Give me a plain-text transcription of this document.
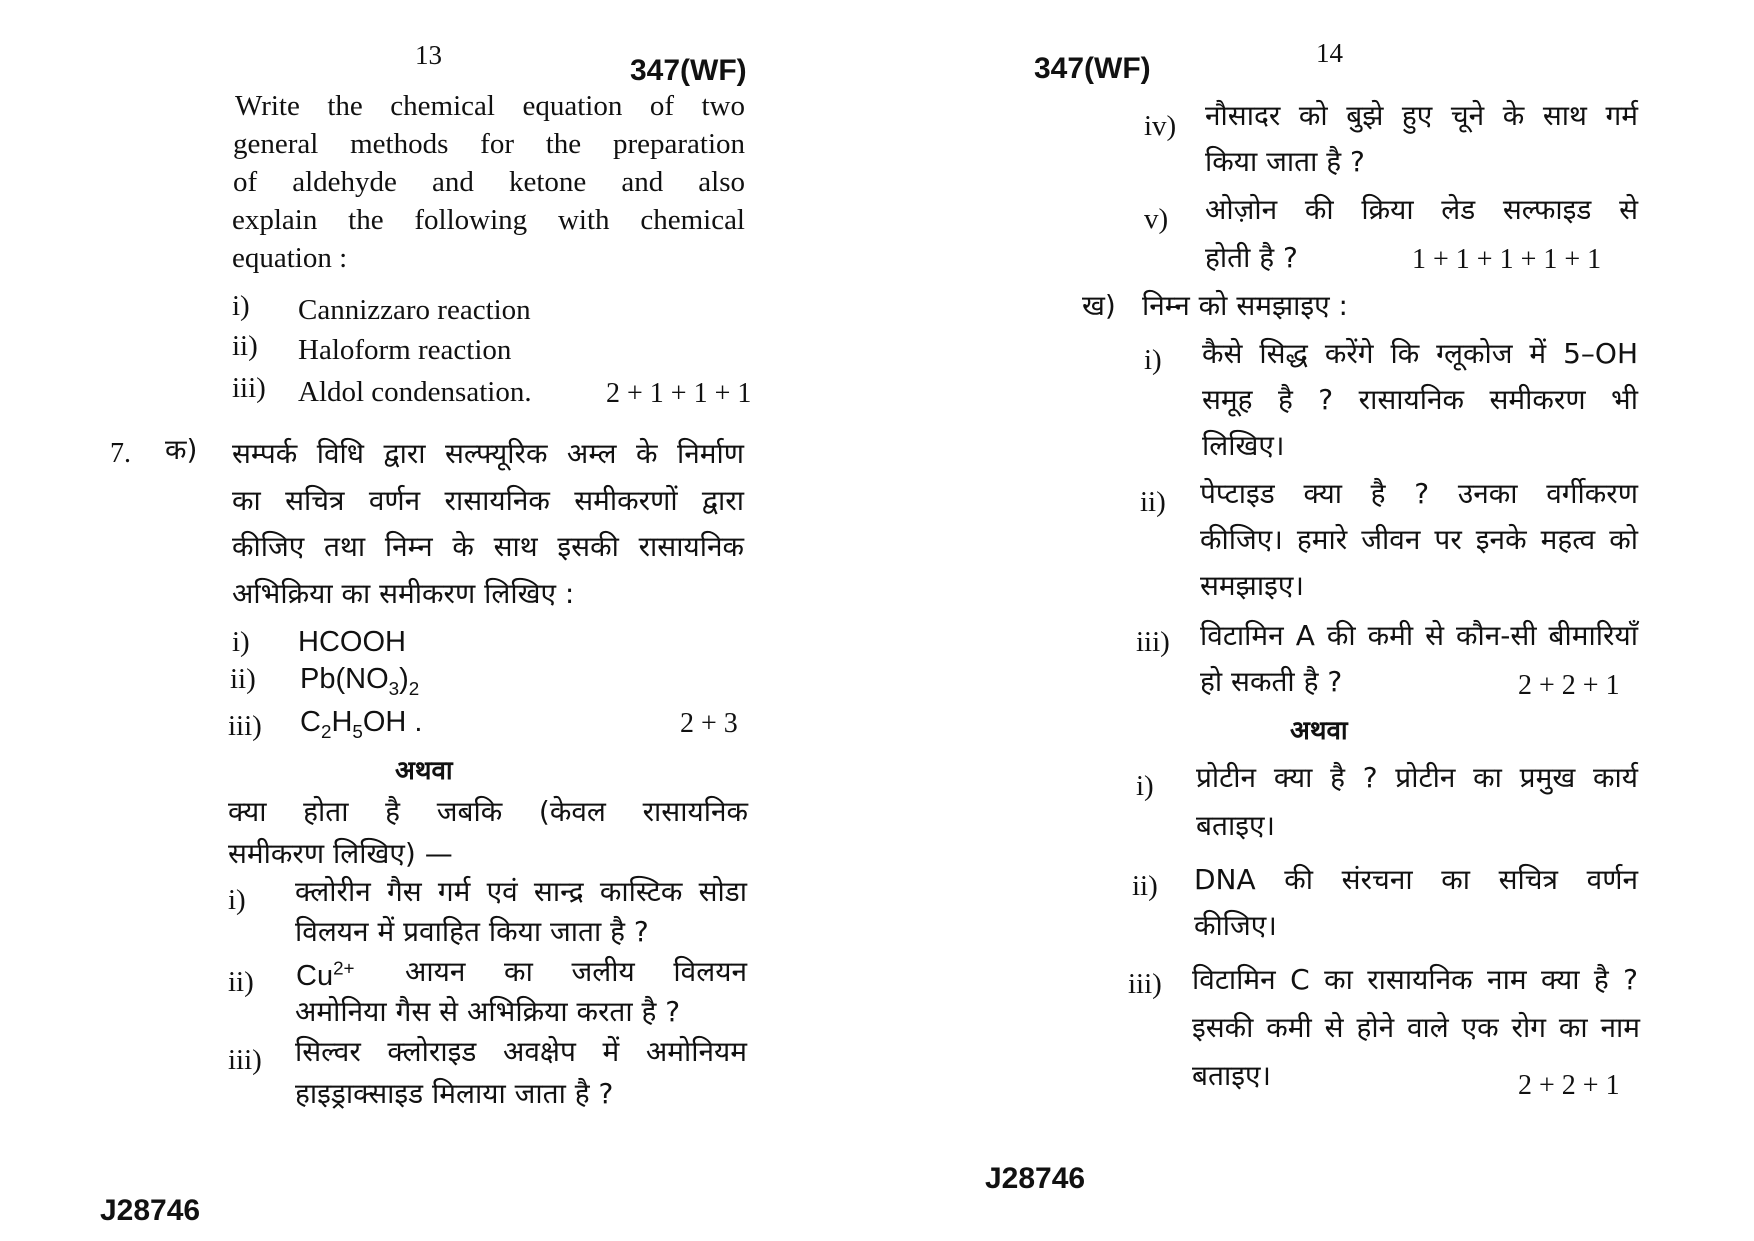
13	347(WF)
Write the chemical equation of two
general methods for the preparation
of aldehyde and ketone and also
explain the following with chemical
equation :
i) Cannizzaro reaction
ii) Haloform reaction
iii) Aldol condensation.	2 + 1 + 1 + 1
7. क) सम्पर्क विधि द्वारा सल्फ्यूरिक अम्ल के निर्माण
का सचित्र वर्णन रासायनिक समीकरणों द्वारा
कीजिए तथा निम्न के साथ इसकी रासायनिक
अभिक्रिया का समीकरण लिखिए :
i) HCOOH
ii) $Pb(NO_3)_2$
iii) $C_2H_5OH$ .	2 + 3
अथवा
क्या होता है जबकि (केवल रासायनिक
समीकरण लिखिए) —
i) क्लोरीन गैस गर्म एवं सान्द्र कास्टिक सोडा
विलयन में प्रवाहित किया जाता है ?
ii) $Cu^{2+}$ आयन का जलीय विलयन
अमोनिया गैस से अभिक्रिया करता है ?
iii) सिल्वर क्लोराइड अवक्षेप में अमोनियम
हाइड्राक्साइड मिलाया जाता है ?
J28746
14
347(WF)
iv) नौसादर को बुझे हुए चूने के साथ गर्म
किया जाता है ?
v) ओज़ोन की क्रिया लेड सल्फाइड से
होती है ?	1 + 1 + 1 + 1 + 1
ख) निम्न को समझाइए :
i) कैसे सिद्ध करेंगे कि ग्लूकोज में 5–OH
समूह है ? रासायनिक समीकरण भी
लिखिए।
ii) पेप्टाइड क्या है ? उनका वर्गीकरण
कीजिए। हमारे जीवन पर इनके महत्व को
समझाइए।
iii) विटामिन A की कमी से कौन-सी बीमारियाँ
हो सकती है ?	2 + 2 + 1
अथवा
i) प्रोटीन क्या है ? प्रोटीन का प्रमुख कार्य
बताइए।
ii) DNA की संरचना का सचित्र वर्णन
कीजिए।
iii) विटामिन C का रासायनिक नाम क्या है ?
इसकी कमी से होने वाले एक रोग का नाम
बताइए।	2 + 2 + 1
J28746
